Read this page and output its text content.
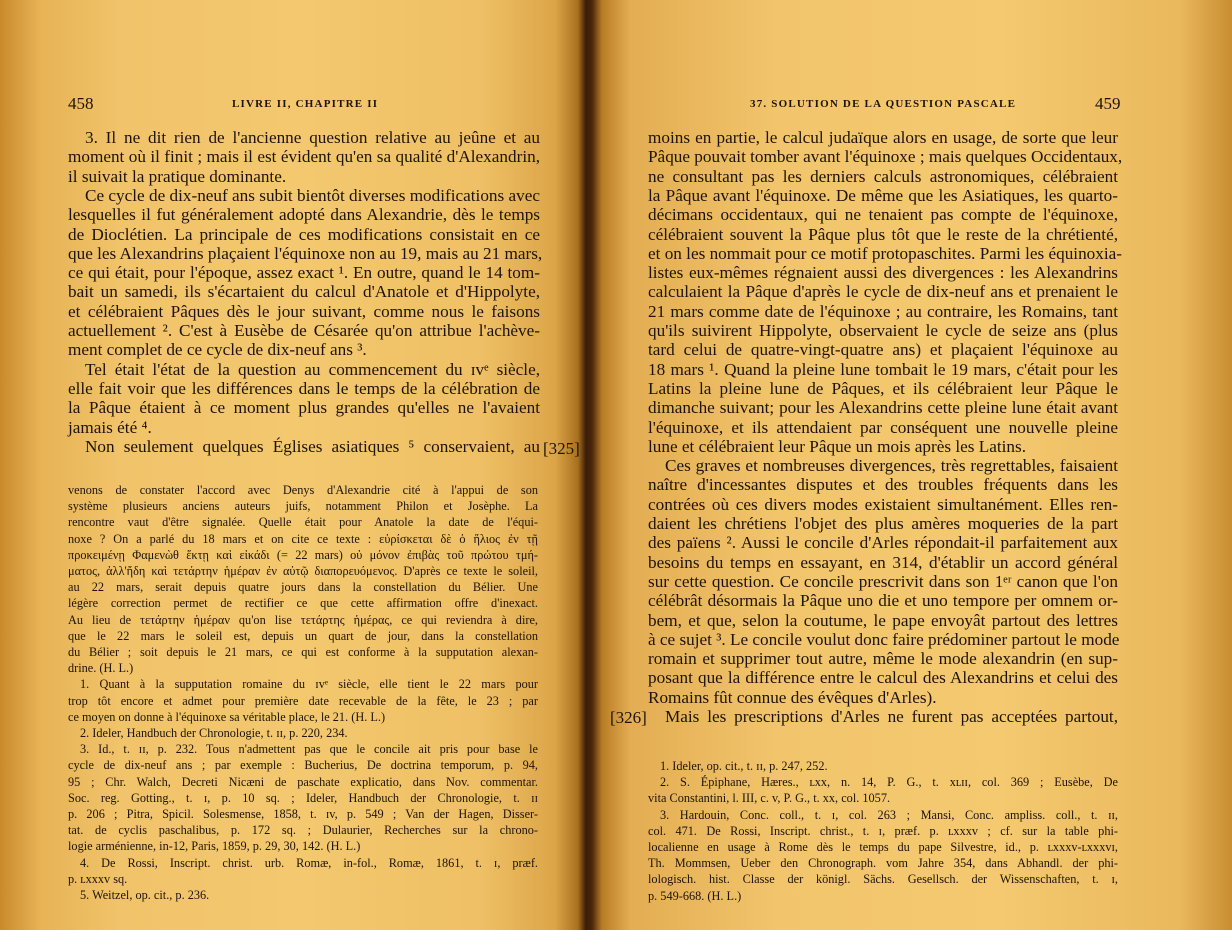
458	LIVRE II, CHAPITRE II
3. Il ne dit rien de l'ancienne question relative au jeûne et au
moment où il finit ; mais il est évident qu'en sa qualité d'Alexandrin,
il suivait la pratique dominante.
Ce cycle de dix-neuf ans subit bientôt diverses modifications avec
lesquelles il fut généralement adopté dans Alexandrie, dès le temps
de Dioclétien. La principale de ces modifications consistait en ce
que les Alexandrins plaçaient l'équinoxe non au 19, mais au 21 mars,
ce qui était, pour l'époque, assez exact ¹. En outre, quand le 14 tom-
bait un samedi, ils s'écartaient du calcul d'Anatole et d'Hippolyte,
et célébraient Pâques dès le jour suivant, comme nous le faisons
actuellement ². C'est à Eusèbe de Césarée qu'on attribue l'achève-
ment complet de ce cycle de dix-neuf ans ³.
Tel était l'état de la question au commencement du ɪvᵉ siècle,
elle fait voir que les différences dans le temps de la célébration de
la Pâque étaient à ce moment plus grandes qu'elles ne l'avaient
jamais été ⁴.
Non seulement quelques Églises asiatiques ⁵ conservaient, au [325]
venons de constater l'accord avec Denys d'Alexandrie cité à l'appui de son
système plusieurs anciens auteurs juifs, notamment Philon et Josèphe. La
rencontre vaut d'être signalée. Quelle était pour Anatole la date de l'équi-
noxe ? On a parlé du 18 mars et on cite ce texte : εὑρίσκεται δὲ ὁ ἥλιος ἐν τῇ
προκειμένῃ Φαμενὼθ ἕκτῃ καὶ εἰκάδι (= 22 mars) οὐ μόνον ἐπιβὰς τοῦ πρώτου τμή-
ματος, ἀλλ'ἤδη καὶ τετάρτην ἡμέραν ἐν αὐτῷ διαπορευόμενος. D'après ce texte le soleil,
au 22 mars, serait depuis quatre jours dans la constellation du Bélier. Une
légère correction permet de rectifier ce que cette affirmation offre d'inexact.
Au lieu de τετάρτην ἡμέραν qu'on lise τετάρτης ἡμέρας, ce qui reviendra à dire,
que le 22 mars le soleil est, depuis un quart de jour, dans la constellation
du Bélier ; soit depuis le 21 mars, ce qui est conforme à la supputation alexan-
drine. (H. L.)
1. Quant à la supputation romaine du ɪvᵉ siècle, elle tient le 22 mars pour
trop tôt encore et admet pour première date recevable de la fête, le 23 ; par
ce moyen on donne à l'équinoxe sa véritable place, le 21. (H. L.)
2. Ideler, Handbuch der Chronologie, t. ɪɪ, p. 220, 234.
3. Id., t. ɪɪ, p. 232. Tous n'admettent pas que le concile ait pris pour base le
cycle de dix-neuf ans ; par exemple : Bucherius, De doctrina temporum, p. 94,
95 ; Chr. Walch, Decreti Nicæni de paschate explicatio, dans Nov. commentar.
Soc. reg. Gotting., t. ɪ, p. 10 sq. ; Ideler, Handbuch der Chronologie, t. ɪɪ
p. 206 ; Pitra, Spicil. Solesmense, 1858, t. ɪv, p. 549 ; Van der Hagen, Disser-
tat. de cyclis paschalibus, p. 172 sq. ; Dulaurier, Recherches sur la chrono-
logie arménienne, in-12, Paris, 1859, p. 29, 30, 142. (H. L.)
4. De Rossi, Inscript. christ. urb. Romæ, in-fol., Romæ, 1861, t. ɪ, præf.
p. ʟxxxv sq.
5. Weitzel, op. cit., p. 236.
37. SOLUTION DE LA QUESTION PASCALE	459
moins en partie, le calcul judaïque alors en usage, de sorte que leur
Pâque pouvait tomber avant l'équinoxe ; mais quelques Occidentaux,
ne consultant pas les derniers calculs astronomiques, célébraient
la Pâque avant l'équinoxe. De même que les Asiatiques, les quarto-
décimans occidentaux, qui ne tenaient pas compte de l'équinoxe,
célébraient souvent la Pâque plus tôt que le reste de la chrétienté,
et on les nommait pour ce motif protopaschites. Parmi les équinoxia-
listes eux-mêmes régnaient aussi des divergences : les Alexandrins
calculaient la Pâque d'après le cycle de dix-neuf ans et prenaient le
21 mars comme date de l'équinoxe ; au contraire, les Romains, tant
qu'ils suivirent Hippolyte, observaient le cycle de seize ans (plus
tard celui de quatre-vingt-quatre ans) et plaçaient l'équinoxe au
18 mars ¹. Quand la pleine lune tombait le 19 mars, c'était pour les
Latins la pleine lune de Pâques, et ils célébraient leur Pâque le
dimanche suivant; pour les Alexandrins cette pleine lune était avant
l'équinoxe, et ils attendaient par conséquent une nouvelle pleine
lune et célébraient leur Pâque un mois après les Latins.
Ces graves et nombreuses divergences, très regrettables, faisaient
naître d'incessantes disputes et des troubles fréquents dans les
contrées où ces divers modes existaient simultanément. Elles ren-
daient les chrétiens l'objet des plus amères moqueries de la part
des païens ². Aussi le concile d'Arles répondait-il parfaitement aux
besoins du temps en essayant, en 314, d'établir un accord général
sur cette question. Ce concile prescrivit dans son 1ᵉʳ canon que l'on
célébrât désormais la Pâque uno die et uno tempore per omnem or-
bem, et que, selon la coutume, le pape envoyât partout des lettres
à ce sujet ³. Le concile voulut donc faire prédominer partout le mode
romain et supprimer tout autre, même le mode alexandrin (en sup-
posant que la différence entre le calcul des Alexandrins et celui des
Romains fût connue des évêques d'Arles).
Mais les prescriptions d'Arles ne furent pas acceptées partout,
[326]
1. Ideler, op. cit., t. ɪɪ, p. 247, 252.
2. S. Épiphane, Hæres., ʟxx, n. 14, P. G., t. xʟɪɪ, col. 369 ; Eusèbe, De
vita Constantini, l. III, c. v, P. G., t. xx, col. 1057.
3. Hardouin, Conc. coll., t. ɪ, col. 263 ; Mansi, Conc. ampliss. coll., t. ɪɪ,
col. 471. De Rossi, Inscript. christ., t. ɪ, præf. p. ʟxxxv ; cf. sur la table phi-
localienne en usage à Rome dès le temps du pape Silvestre, id., p. ʟxxxv-ʟxxxvɪ,
Th. Mommsen, Ueber den Chronograph. vom Jahre 354, dans Abhandl. der phi-
lologisch. hist. Classe der königl. Sächs. Gesellsch. der Wissenschaften, t. ɪ,
p. 549-668. (H. L.)
